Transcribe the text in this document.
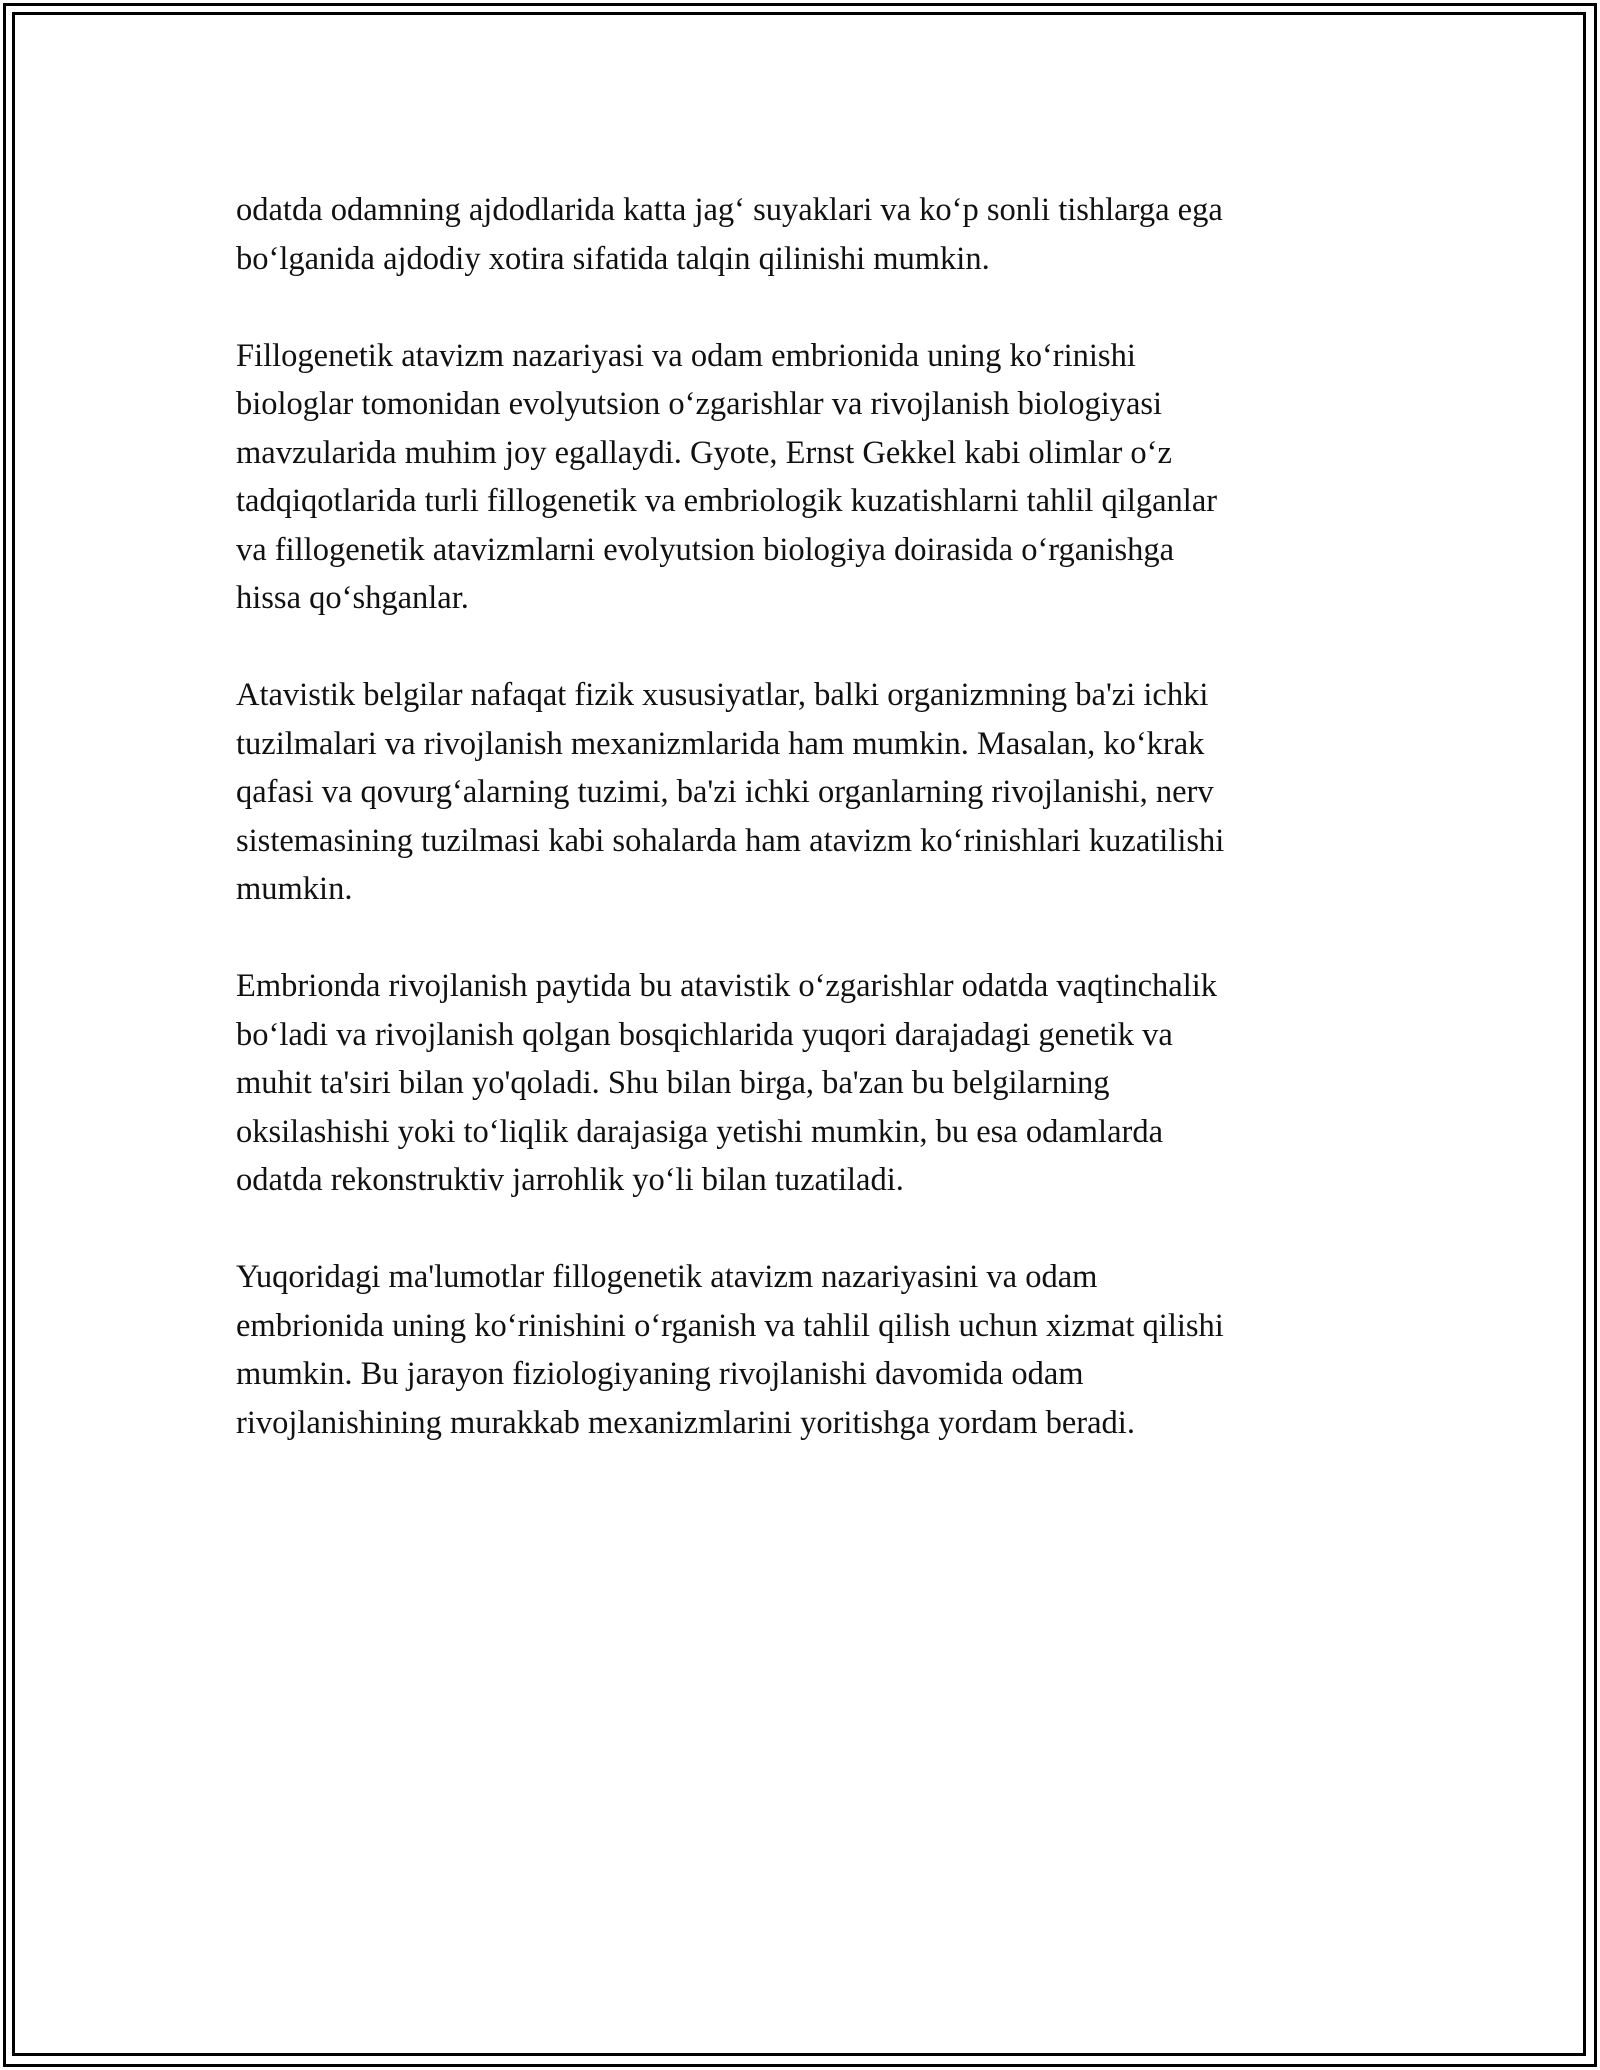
odatda odamning ajdodlarida katta jag‘ suyaklari va ko‘p sonli tishlarga ega
bo‘lganida ajdodiy xotira sifatida talqin qilinishi mumkin.

Fillogenetik atavizm nazariyasi va odam embrionida uning ko‘rinishi
biologlar tomonidan evolyutsion o‘zgarishlar va rivojlanish biologiyasi
mavzularida muhim joy egallaydi. Gyote, Ernst Gekkel kabi olimlar o‘z
tadqiqotlarida turli fillogenetik va embriologik kuzatishlarni tahlil qilganlar
va fillogenetik atavizmlarni evolyutsion biologiya doirasida o‘rganishga
hissa qo‘shganlar.

Atavistik belgilar nafaqat fizik xususiyatlar, balki organizmning ba'zi ichki
tuzilmalari va rivojlanish mexanizmlarida ham mumkin. Masalan, ko‘krak
qafasi va qovurg‘alarning tuzimi, ba'zi ichki organlarning rivojlanishi, nerv
sistemasining tuzilmasi kabi sohalarda ham atavizm ko‘rinishlari kuzatilishi
mumkin.

Embrionda rivojlanish paytida bu atavistik o‘zgarishlar odatda vaqtinchalik
bo‘ladi va rivojlanish qolgan bosqichlarida yuqori darajadagi genetik va
muhit ta'siri bilan yo'qoladi. Shu bilan birga, ba'zan bu belgilarning
oksilashishi yoki to‘liqlik darajasiga yetishi mumkin, bu esa odamlarda
odatda rekonstruktiv jarrohlik yo‘li bilan tuzatiladi.

Yuqoridagi ma'lumotlar fillogenetik atavizm nazariyasini va odam
embrionida uning ko‘rinishini o‘rganish va tahlil qilish uchun xizmat qilishi
mumkin. Bu jarayon fiziologiyaning rivojlanishi davomida odam
rivojlanishining murakkab mexanizmlarini yoritishga yordam beradi.
